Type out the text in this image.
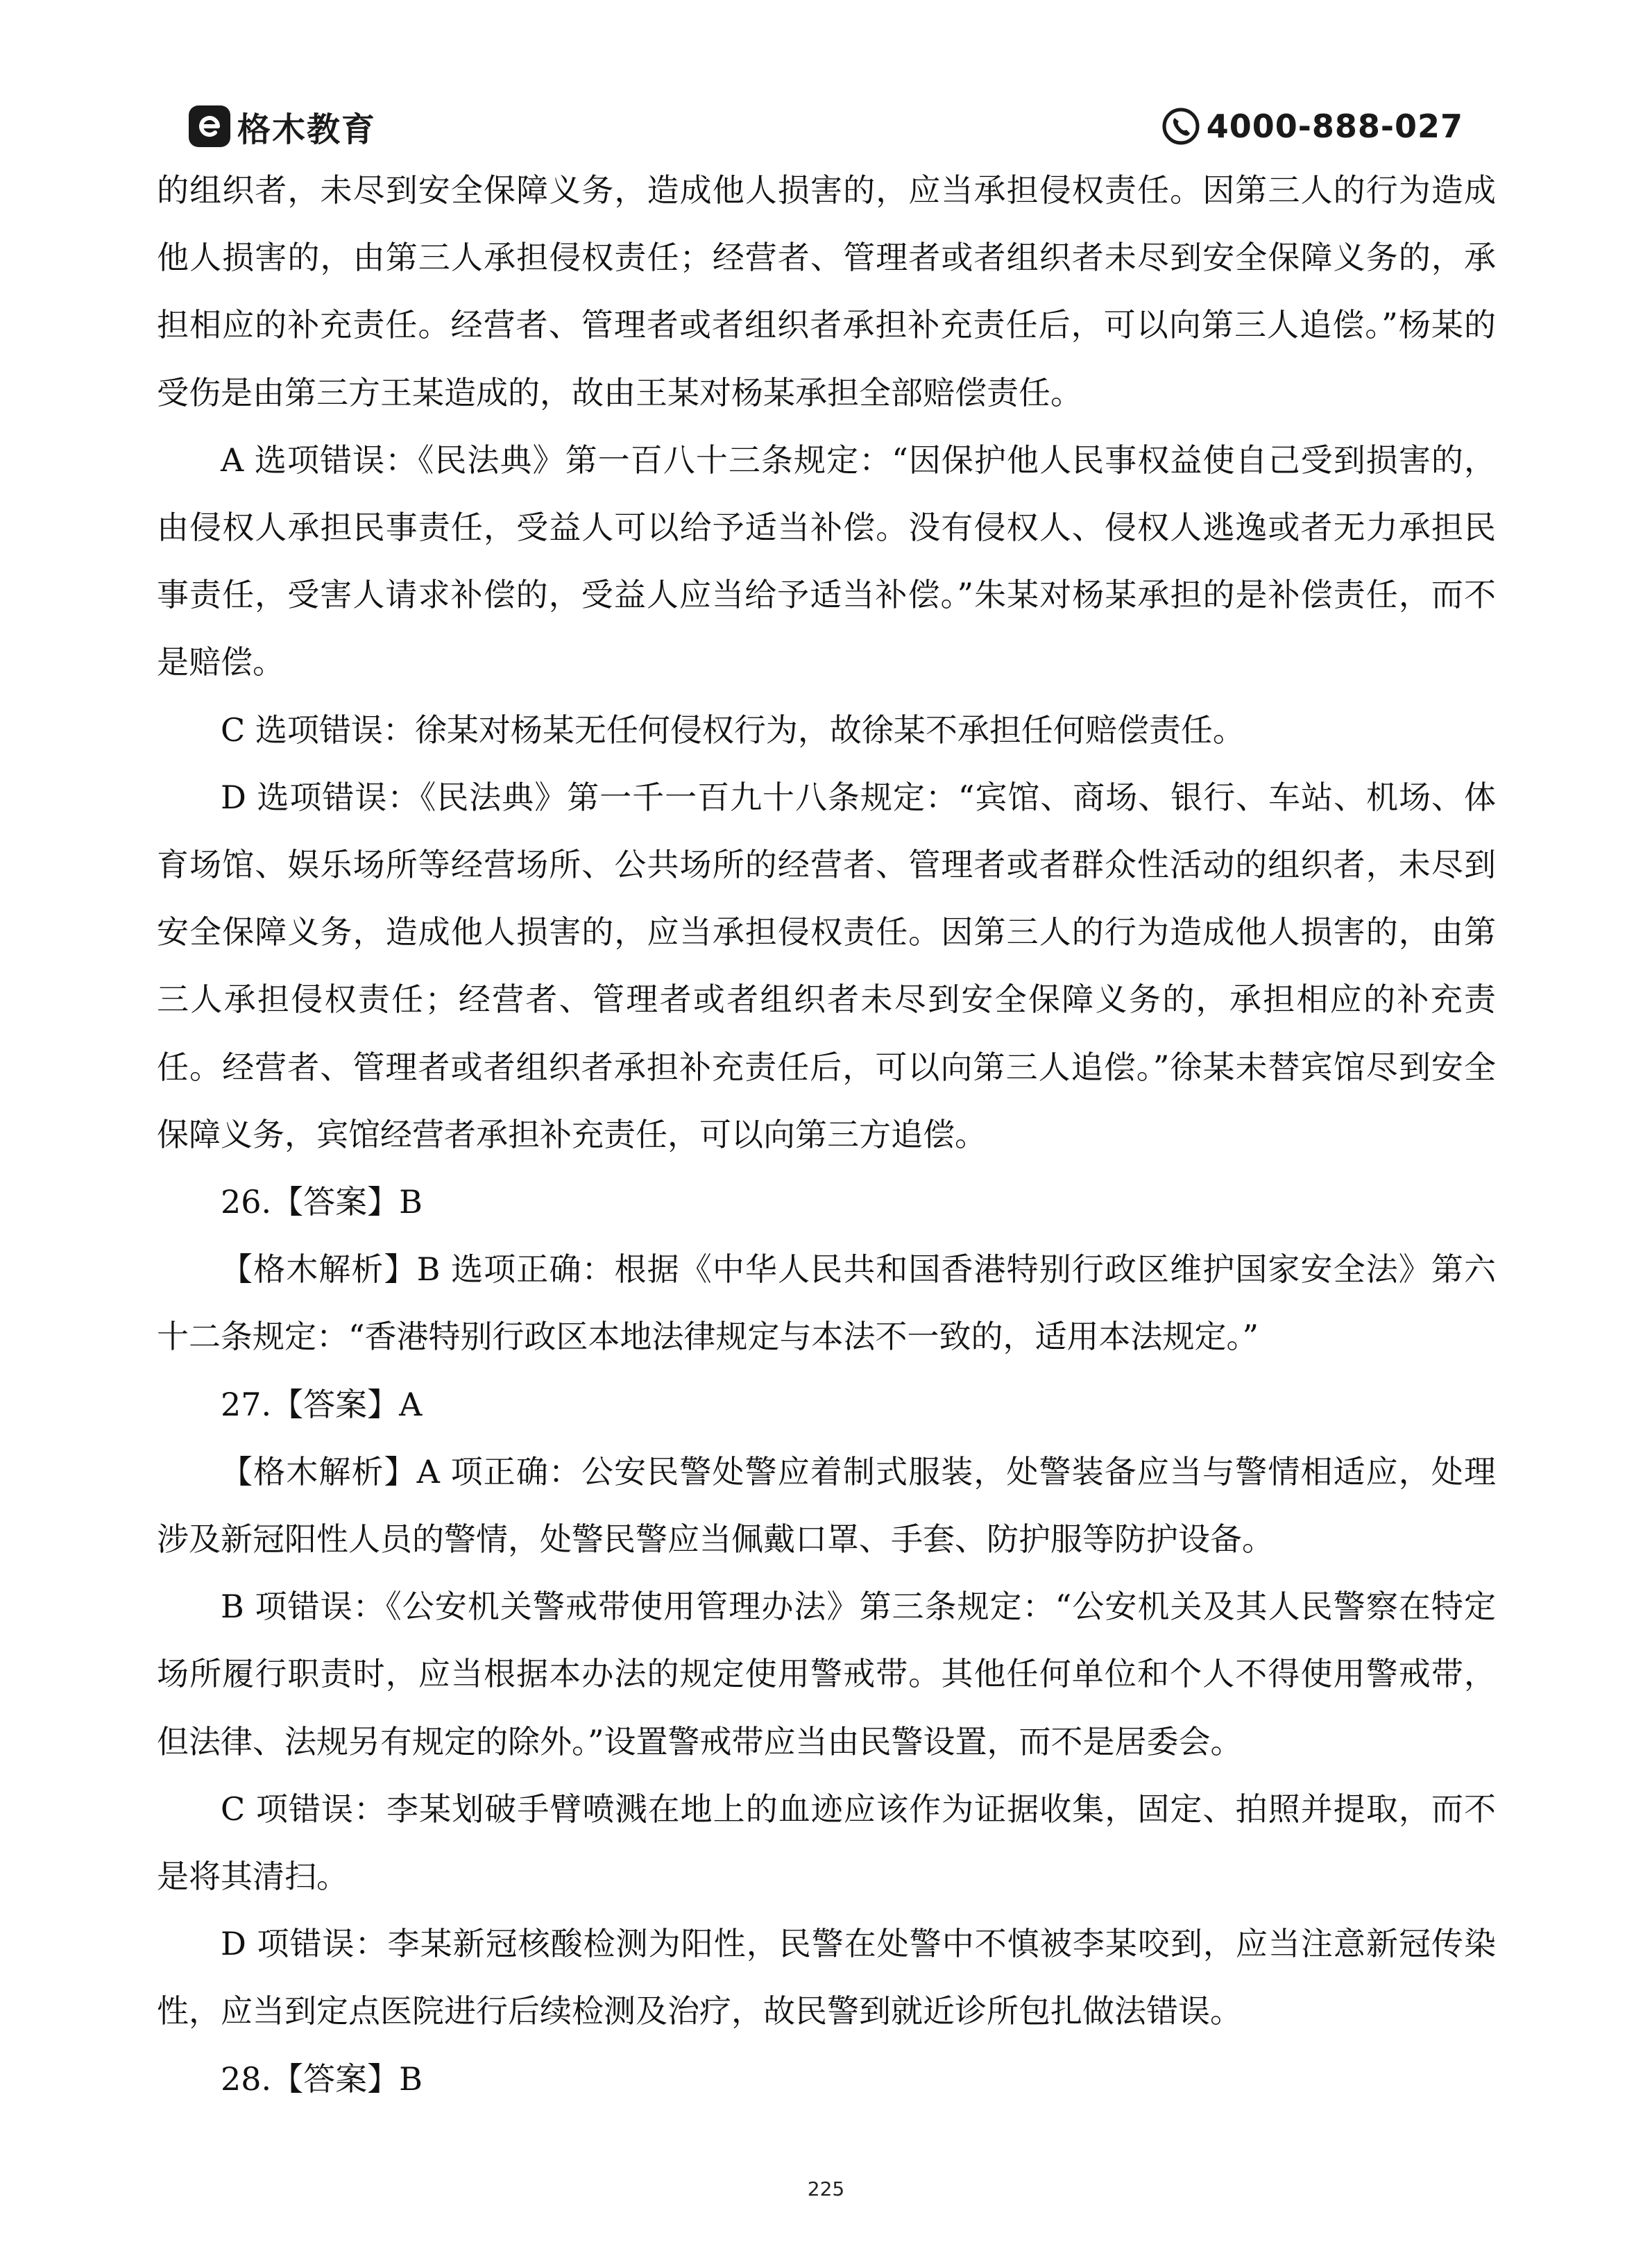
格木教育	4000-888-027

的组织者，未尽到安全保障义务，造成他人损害的，应当承担侵权责任。因第三人的行为造成他人损害的，由第三人承担侵权责任；经营者、管理者或者组织者未尽到安全保障义务的，承担相应的补充责任。经营者、管理者或者组织者承担补充责任后，可以向第三人追偿。”杨某的受伤是由第三方王某造成的，故由王某对杨某承担全部赔偿责任。

A 选项错误：《民法典》第一百八十三条规定：“因保护他人民事权益使自己受到损害的，由侵权人承担民事责任，受益人可以给予适当补偿。没有侵权人、侵权人逃逸或者无力承担民事责任，受害人请求补偿的，受益人应当给予适当补偿。”朱某对杨某承担的是补偿责任，而不是赔偿。

C 选项错误：徐某对杨某无任何侵权行为，故徐某不承担任何赔偿责任。

D 选项错误：《民法典》第一千一百九十八条规定：“宾馆、商场、银行、车站、机场、体育场馆、娱乐场所等经营场所、公共场所的经营者、管理者或者群众性活动的组织者，未尽到安全保障义务，造成他人损害的，应当承担侵权责任。因第三人的行为造成他人损害的，由第三人承担侵权责任；经营者、管理者或者组织者未尽到安全保障义务的，承担相应的补充责任。经营者、管理者或者组织者承担补充责任后，可以向第三人追偿。”徐某未替宾馆尽到安全保障义务，宾馆经营者承担补充责任，可以向第三方追偿。

26.【答案】B

【格木解析】B 选项正确：根据《中华人民共和国香港特别行政区维护国家安全法》第六十二条规定：“香港特别行政区本地法律规定与本法不一致的，适用本法规定。”

27.【答案】A

【格木解析】A 项正确：公安民警处警应着制式服装，处警装备应当与警情相适应，处理涉及新冠阳性人员的警情，处警民警应当佩戴口罩、手套、防护服等防护设备。

B 项错误：《公安机关警戒带使用管理办法》第三条规定：“公安机关及其人民警察在特定场所履行职责时，应当根据本办法的规定使用警戒带。其他任何单位和个人不得使用警戒带，但法律、法规另有规定的除外。”设置警戒带应当由民警设置，而不是居委会。

C 项错误：李某划破手臂喷溅在地上的血迹应该作为证据收集，固定、拍照并提取，而不是将其清扫。

D 项错误：李某新冠核酸检测为阳性，民警在处警中不慎被李某咬到，应当注意新冠传染性，应当到定点医院进行后续检测及治疗，故民警到就近诊所包扎做法错误。

28.【答案】B

225
